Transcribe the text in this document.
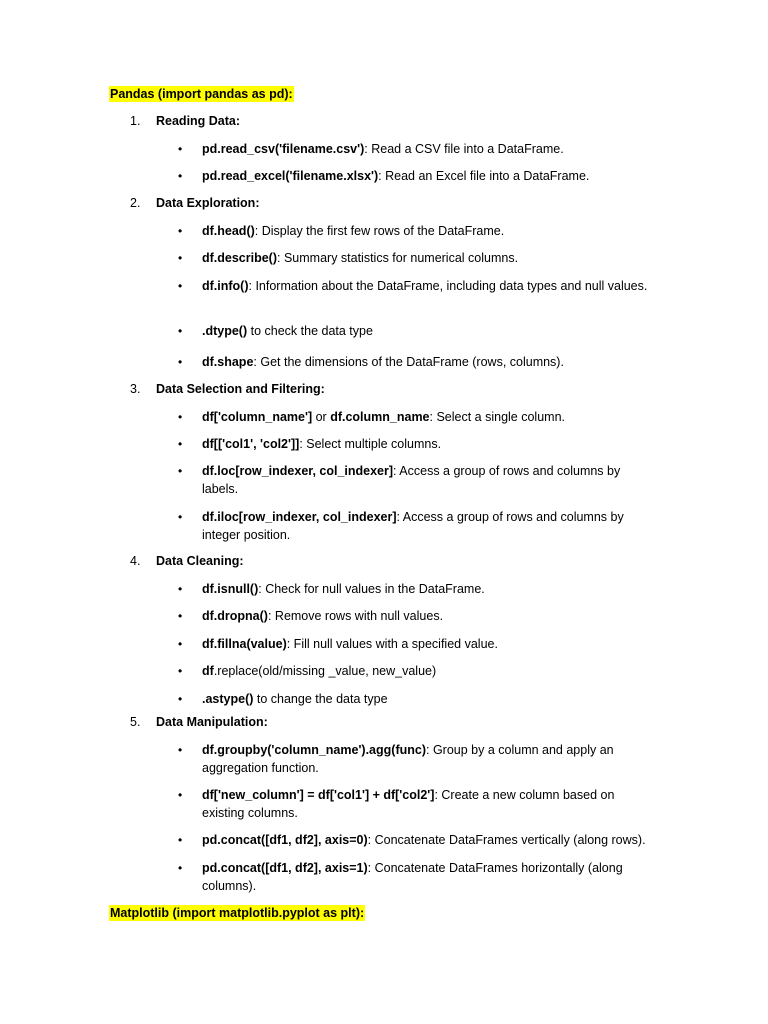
Pandas (import pandas as pd):
Matplotlib (import matplotlib.pyplot as plt):
1. Reading Data:
•	pd.read_csv('filename.csv'): Read a CSV file into a DataFrame.
•	pd.read_excel('filename.xlsx'): Read an Excel file into a DataFrame.
2. Data Exploration:
•	df.head(): Display the first few rows of the DataFrame.
•	df.describe(): Summary statistics for numerical columns.
•	df.info(): Information about the DataFrame, including data types and null values.
•	.dtype() to check the data type
•	df.shape: Get the dimensions of the DataFrame (rows, columns).
3. Data Selection and Filtering:
•	df['column_name'] or df.column_name: Select a single column.
•	df[['col1', 'col2']]: Select multiple columns.
•	df.loc[row_indexer, col_indexer]: Access a group of rows and columns by labels.
•	df.iloc[row_indexer, col_indexer]: Access a group of rows and columns by integer position.
4. Data Cleaning:
•	df.isnull(): Check for null values in the DataFrame.
•	df.dropna(): Remove rows with null values.
•	df.fillna(value): Fill null values with a specified value.
•	df.replace(old/missing _value, new_value)
•	.astype() to change the data type
5. Data Manipulation:
•	df.groupby('column_name').agg(func): Group by a column and apply an aggregation function.
•	df['new_column'] = df['col1'] + df['col2']: Create a new column based on existing columns.
•	pd.concat([df1, df2], axis=0): Concatenate DataFrames vertically (along rows).
•	pd.concat([df1, df2], axis=1): Concatenate DataFrames horizontally (along columns).
